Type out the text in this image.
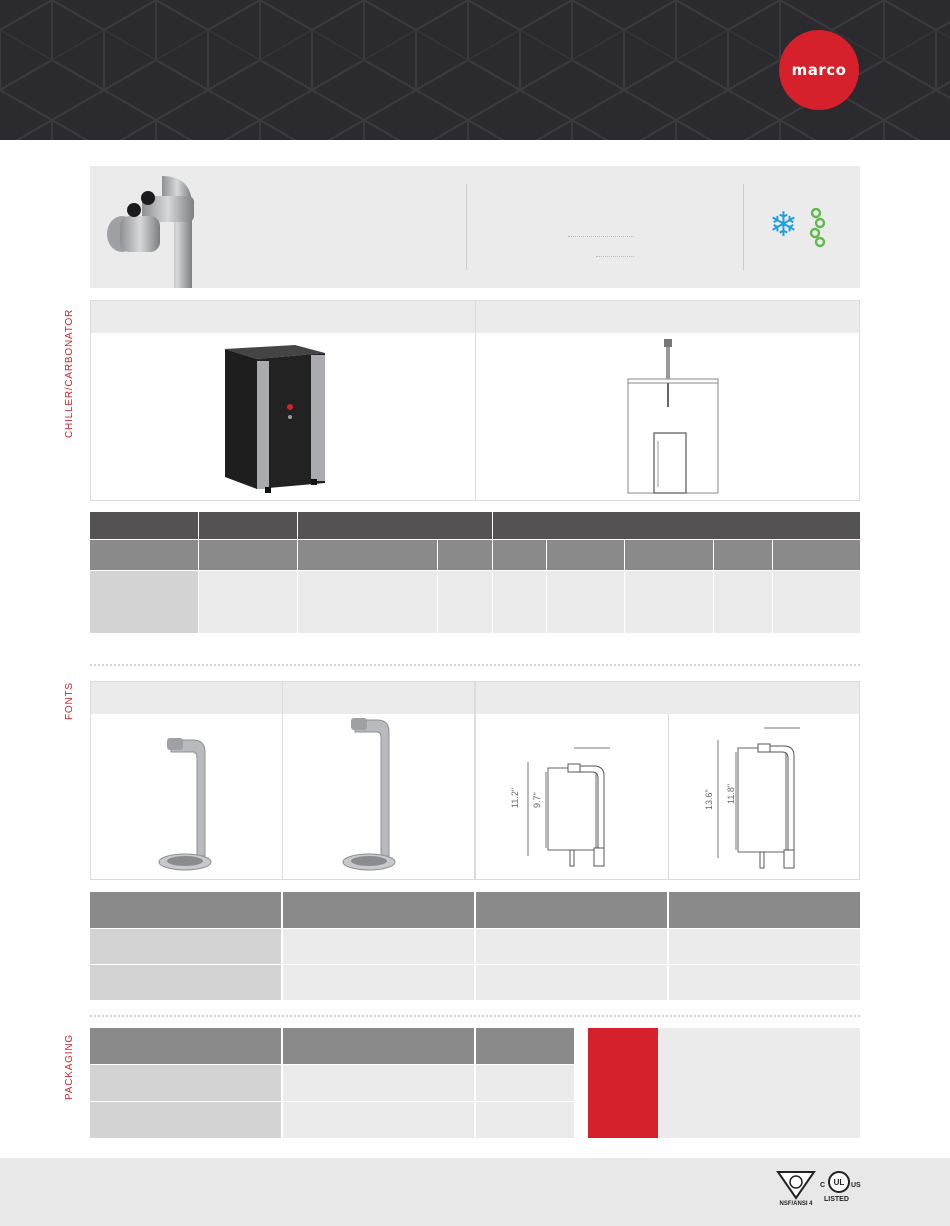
marco
❄
CHILLER/CARBONATOR
FONTS
PACKAGING
11.2" 9.7"	13.6" 11.8"
NSF/ANSI 4
C	UL US
LISTED
